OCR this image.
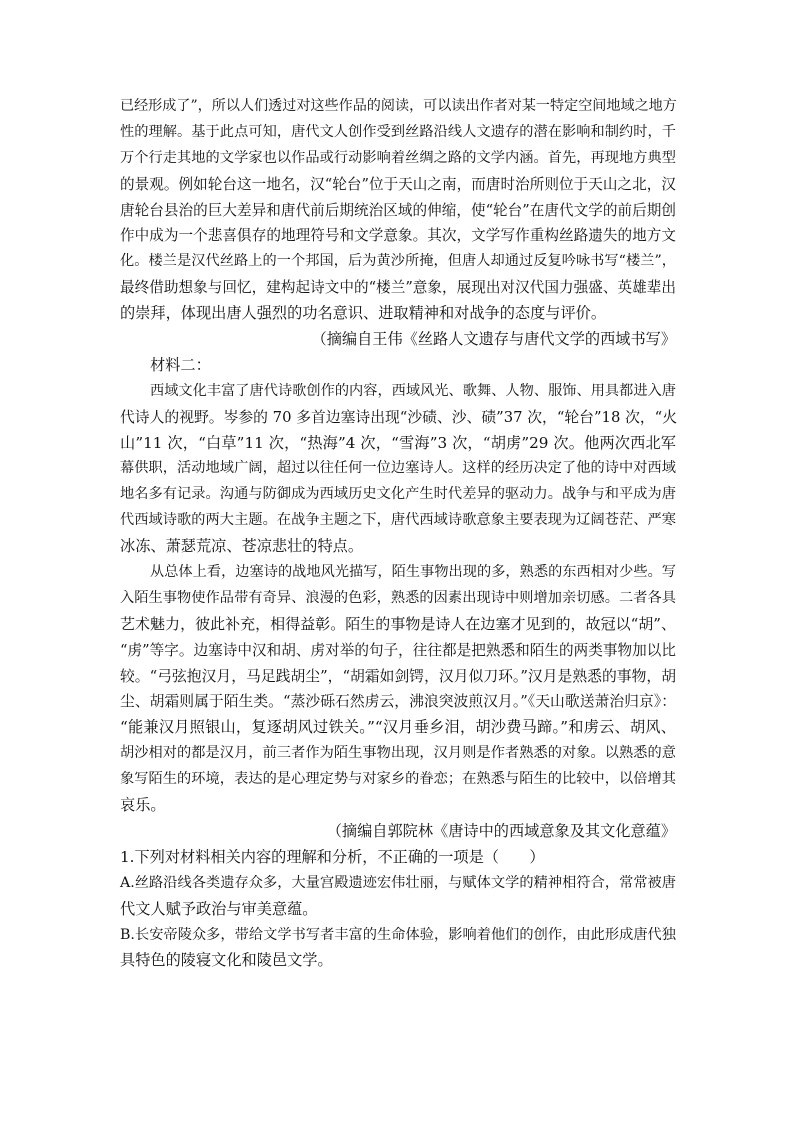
已经形成了”，所以人们透过对这些作品的阅读，可以读出作者对某一特定空间地域之地方
性的理解。基于此点可知，唐代文人创作受到丝路沿线人文遗存的潜在影响和制约时，千
万个行走其地的文学家也以作品或行动影响着丝绸之路的文学内涵。首先，再现地方典型
的景观。例如轮台这一地名，汉“轮台”位于天山之南，而唐时治所则位于天山之北，汉
唐轮台县治的巨大差异和唐代前后期统治区域的伸缩，使“轮台”在唐代文学的前后期创
作中成为一个悲喜俱存的地理符号和文学意象。其次，文学写作重构丝路遗失的地方文
化。楼兰是汉代丝路上的一个邦国，后为黄沙所掩，但唐人却通过反复吟咏书写“楼兰”，
最终借助想象与回忆，建构起诗文中的“楼兰”意象，展现出对汉代国力强盛、英雄辈出
的崇拜，体现出唐人强烈的功名意识、进取精神和对战争的态度与评价。
（摘编自王伟《丝路人文遗存与唐代文学的西域书写》
材料二：
西域文化丰富了唐代诗歌创作的内容，西域风光、歌舞、人物、服饰、用具都进入唐
代诗人的视野。岑参的 70 多首边塞诗出现“沙碛、沙、碛”37 次，“轮台”18 次，“火
山”11 次，“白草”11 次，“热海”4 次，“雪海”3 次，“胡虏”29 次。他两次西北军
幕供职，活动地域广阔，超过以往任何一位边塞诗人。这样的经历决定了他的诗中对西域
地名多有记录。沟通与防御成为西域历史文化产生时代差异的驱动力。战争与和平成为唐
代西域诗歌的两大主题。在战争主题之下，唐代西域诗歌意象主要表现为辽阔苍茫、严寒
冰冻、萧瑟荒凉、苍凉悲壮的特点。
从总体上看，边塞诗的战地风光描写，陌生事物出现的多，熟悉的东西相对少些。写
入陌生事物使作品带有奇异、浪漫的色彩，熟悉的因素出现诗中则增加亲切感。二者各具
艺术魅力，彼此补充，相得益彰。陌生的事物是诗人在边塞才见到的，故冠以“胡”、
“虏”等字。边塞诗中汉和胡、虏对举的句子，往往都是把熟悉和陌生的两类事物加以比
较。“弓弦抱汉月，马足践胡尘”，“胡霜如剑锷，汉月似刀环。”汉月是熟悉的事物，胡
尘、胡霜则属于陌生类。“蒸沙砾石然虏云，沸浪突波煎汉月。”《天山歌送萧治归京》：
“能兼汉月照银山，复逐胡风过铁关。”“汉月垂乡泪，胡沙费马蹄。”和虏云、胡风、
胡沙相对的都是汉月，前三者作为陌生事物出现，汉月则是作者熟悉的对象。以熟悉的意
象写陌生的环境，表达的是心理定势与对家乡的眷恋；在熟悉与陌生的比较中，以倍增其
哀乐。
（摘编自郭院林《唐诗中的西域意象及其文化意蕴》
1.下列对材料相关内容的理解和分析，不正确的一项是（　　）
A.丝路沿线各类遗存众多，大量宫殿遗迹宏伟壮丽，与赋体文学的精神相符合，常常被唐
代文人赋予政治与审美意蕴。
B.长安帝陵众多，带给文学书写者丰富的生命体验，影响着他们的创作，由此形成唐代独
具特色的陵寝文化和陵邑文学。
